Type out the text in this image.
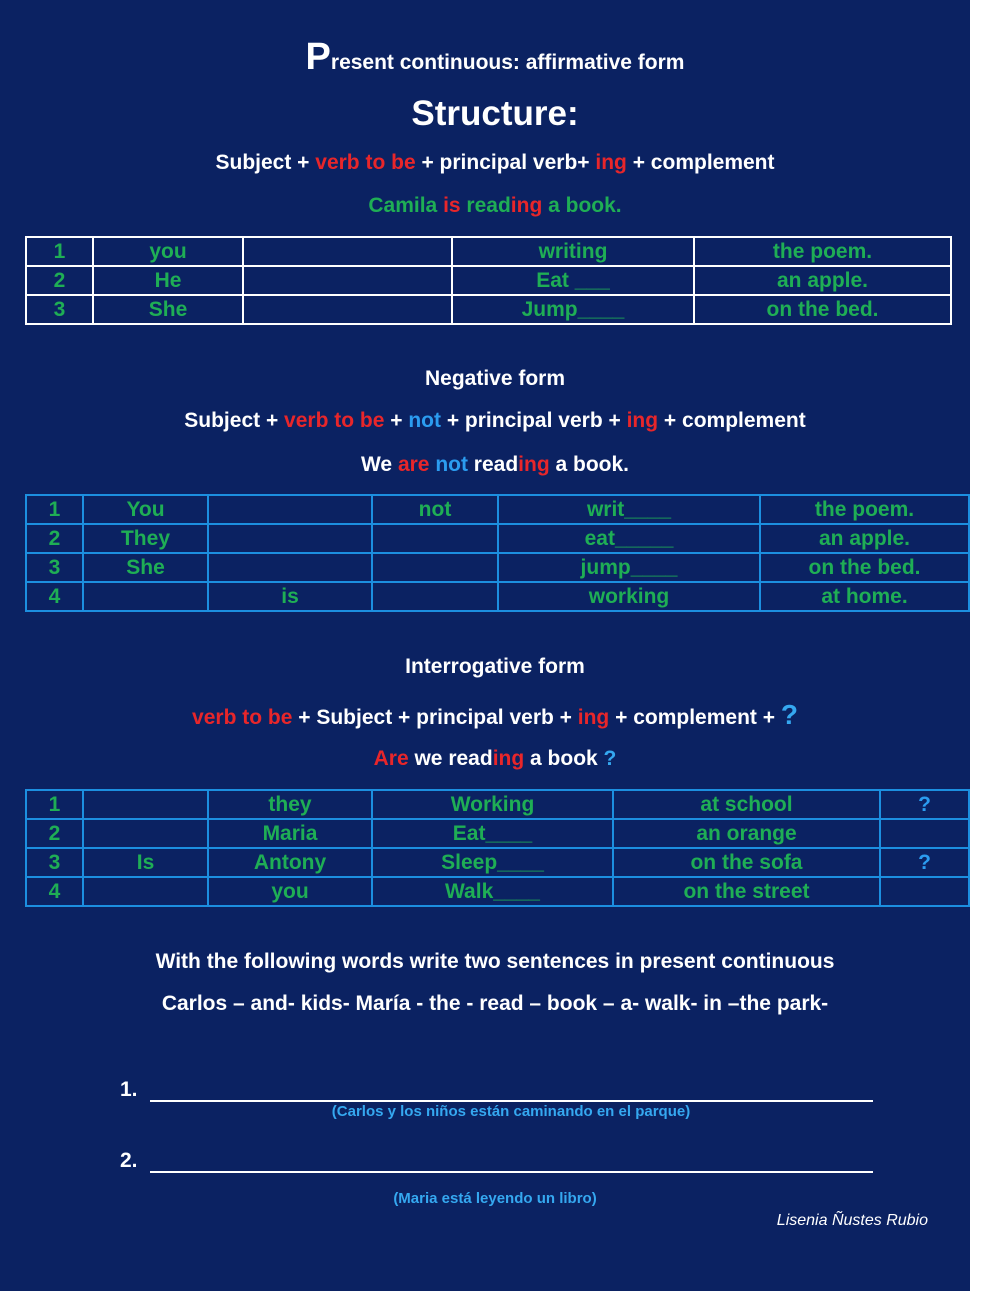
Present continuous: affirmative form
Structure:
Subject + verb to be + principal verb+ ing + complement
Camila is reading a book.
1	you		writing	the poem.
2	He		Eat ___	an apple.
3	She		Jump____	on the bed.
Negative form
Subject + verb to be + not + principal verb + ing + complement
We are not reading a book.
1	You		not	writ____	the poem.
2	They			eat_____	an apple.
3	She			jump____	on the bed.
4		is		working	at home.
Interrogative form
verb to be + Subject + principal verb + ing + complement + ?
Are we reading a book ?
1		they	Working	at school	?
2		Maria	Eat____	an orange	
3	Is	Antony	Sleep____	on the sofa	?
4		you	Walk____	on the street	
With the following words write two sentences in present continuous
Carlos – and- kids- María - the - read – book – a- walk- in –the park-
1.
(Carlos y los niños están caminando en el parque)
2.
(Maria está leyendo un libro)
Lisenia Ñustes Rubio
